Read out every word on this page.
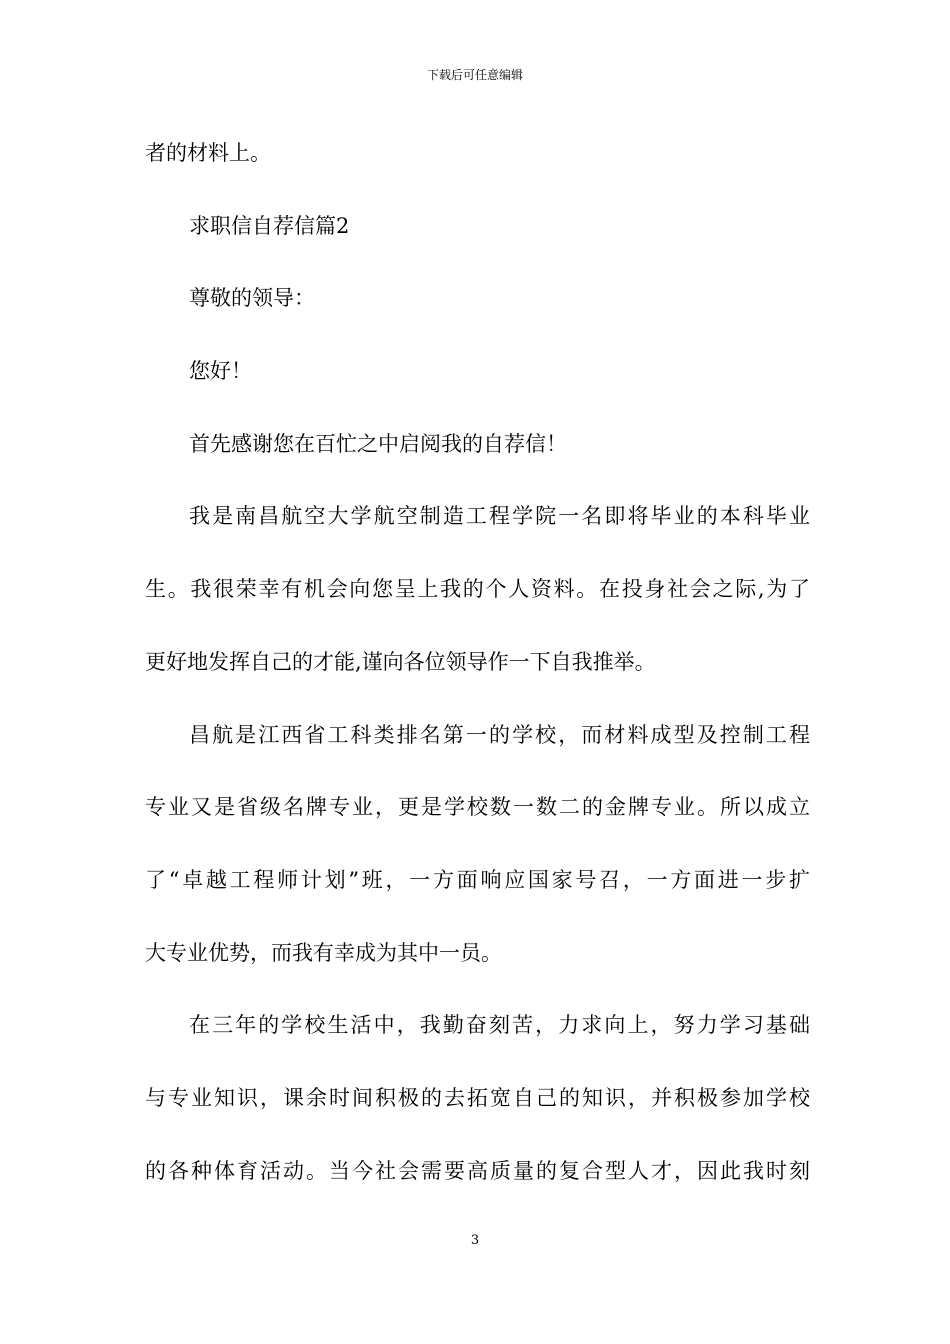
下载后可任意编辑
者的材料上。
求职信自荐信篇2
尊敬的领导：
您好！
首先感谢您在百忙之中启阅我的自荐信！
我是南昌航空大学航空制造工程学院一名即将毕业的本科毕业
生。我很荣幸有机会向您呈上我的个人资料。在投身社会之际,为了
更好地发挥自己的才能,谨向各位领导作一下自我推举。
昌航是江西省工科类排名第一的学校，而材料成型及控制工程
专业又是省级名牌专业，更是学校数一数二的金牌专业。所以成立
了“卓越工程师计划”班，一方面响应国家号召，一方面进一步扩
大专业优势，而我有幸成为其中一员。
在三年的学校生活中，我勤奋刻苦，力求向上，努力学习基础
与专业知识，课余时间积极的去拓宽自己的知识，并积极参加学校
的各种体育活动。当今社会需要高质量的复合型人才，因此我时刻
3
